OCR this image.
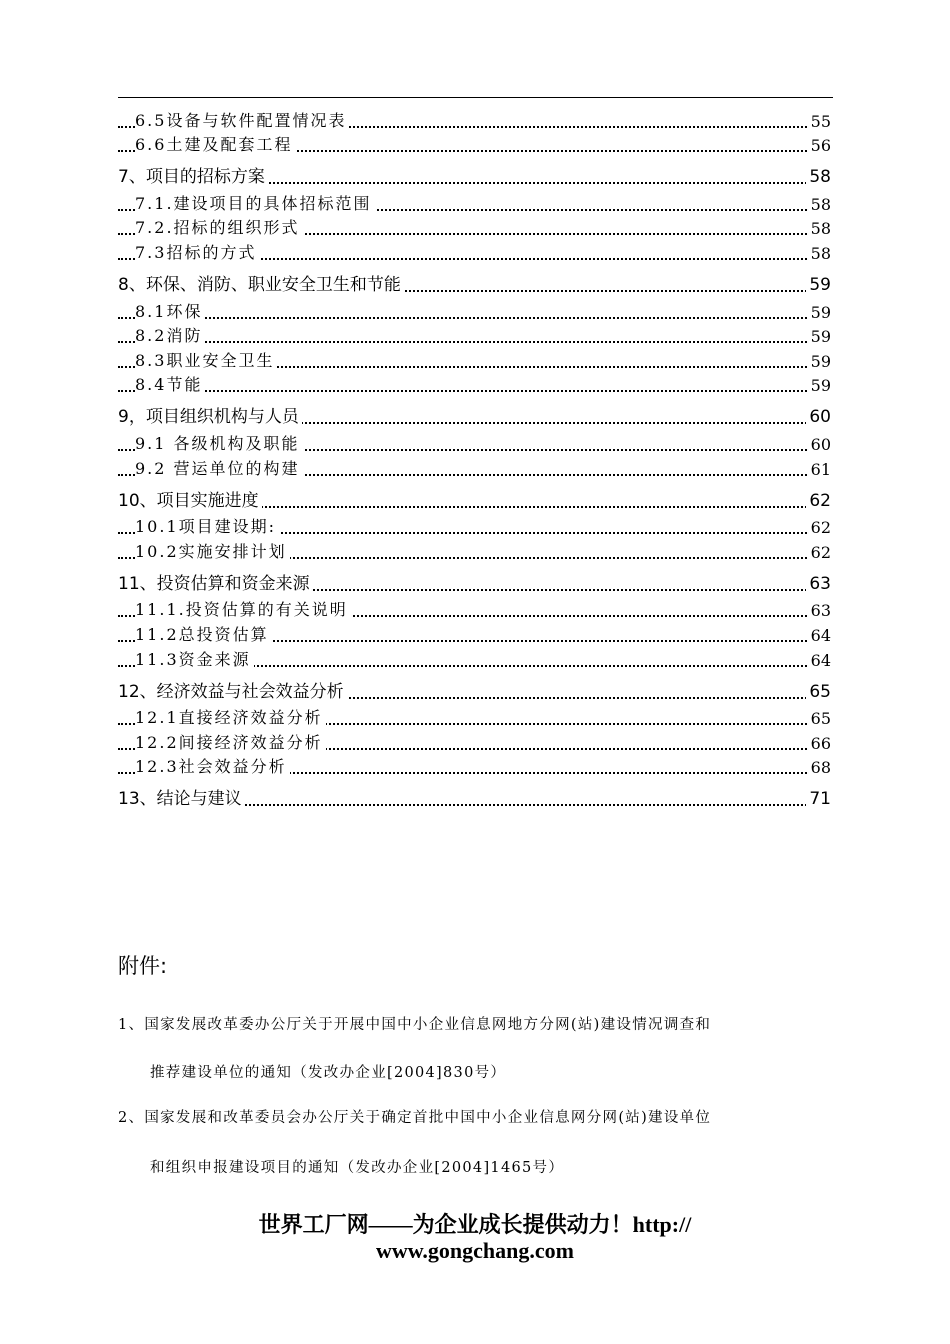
6.5设备与软件配置情况表	55
6.6土建及配套工程	56
7、项目的招标方案	58
7.1.建设项目的具体招标范围	58
7.2.招标的组织形式	58
7.3招标的方式	58
8、环保、消防、职业安全卫生和节能	59
8.1环保	59
8.2消防	59
8.3职业安全卫生	59
8.4节能	59
9，项目组织机构与人员	60
9.1 各级机构及职能	60
9.2 营运单位的构建	61
10、项目实施进度	62
10.1项目建设期:	62
10.2实施安排计划	62
11、投资估算和资金来源	63
11.1.投资估算的有关说明	63
11.2总投资估算	64
11.3资金来源	64
12、经济效益与社会效益分析	65
12.1直接经济效益分析	65
12.2间接经济效益分析	66
12.3社会效益分析	68
13、结论与建议	71
附件:
1、国家发展改革委办公厅关于开展中国中小企业信息网地方分网(站)建设情况调查和
推荐建设单位的通知（发改办企业[2004]830号）
2、国家发展和改革委员会办公厅关于确定首批中国中小企业信息网分网(站)建设单位
和组织申报建设项目的通知（发改办企业[2004]1465号）
世界工厂网——为企业成长提供动力！http://
www.gongchang.com
